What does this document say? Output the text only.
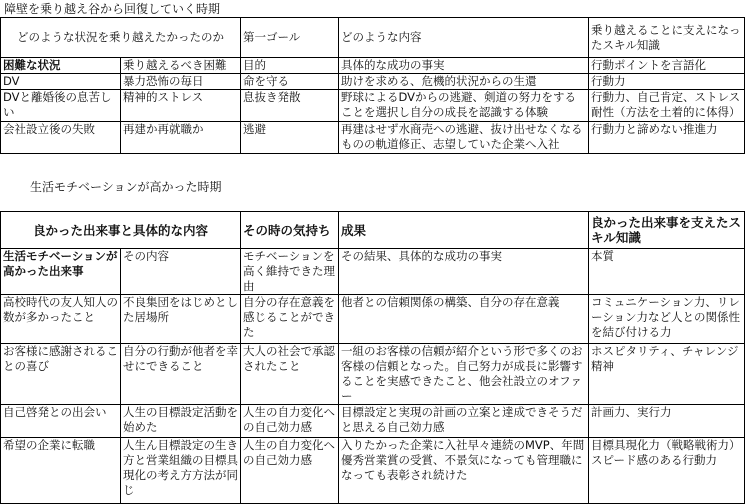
障壁を乗り越え谷から回復していく時期
どのような状況を乗り越えたかったのか		第一ゴール	どのような内容	乗り越えることに支えになったスキル知識
困難な状況	乗り越えるべき困難	目的	具体的な成功の事実	行動ポイントを言語化
DV	暴力恐怖の毎日	命を守る	助けを求める、危機的状況からの生還	行動力
DVと離婚後の息苦しい	精神的ストレス	息抜き発散	野球によるDVからの逃避、剣道の努力をすることを選択し自分の成長を認識する体験	行動力、自己肯定、ストレス耐性（方法を土着的に体得）
会社設立後の失敗	再建か再就職か	逃避	再建はせず水商売への逃避、抜け出せなくなるものの軌道修正、志望していた企業へ入社	行動力と諦めない推進力
生活モチベーションが高かった時期
良かった出来事と具体的な内容		その時の気持ち	成果	良かった出来事を支えたスキル知識
生活モチベーションが高かった出来事	その内容	モチベーションを高く維持できた理由	その結果、具体的な成功の事実	本質
高校時代の友人知人の数が多かったこと	不良集団をはじめとした居場所	自分の存在意義を感じることができた	他者との信頼関係の構築、自分の存在意義	コミュニケーション力、リレーション力など人との関係性を結び付ける力
お客様に感謝されることの喜び	自分の行動が他者を幸せにできること	大人の社会で承認されたこと	一組のお客様の信頼が紹介という形で多くのお客様の信頼となった。自己努力が成長に影響することを実感できたこと、他会社設立のオファー	ホスピタリティ、チャレンジ精神
自己啓発との出会い	人生の目標設定活動を始めた	人生の自力変化への自己効力感	目標設定と実現の計画の立案と達成できそうだと思える自己効力感	計画力、実行力
希望の企業に転職	人生ん目標設定の生き方と営業組織の目標具現化の考え方方法が同じ	人生の自力変化への自己効力感	入りたかった企業に入社早々連続のMVP、年間優秀営業賞の受賞、不景気になっても管理職になっても表彰され続けた	目標具現化力（戦略戦術力）スピード感のある行動力
